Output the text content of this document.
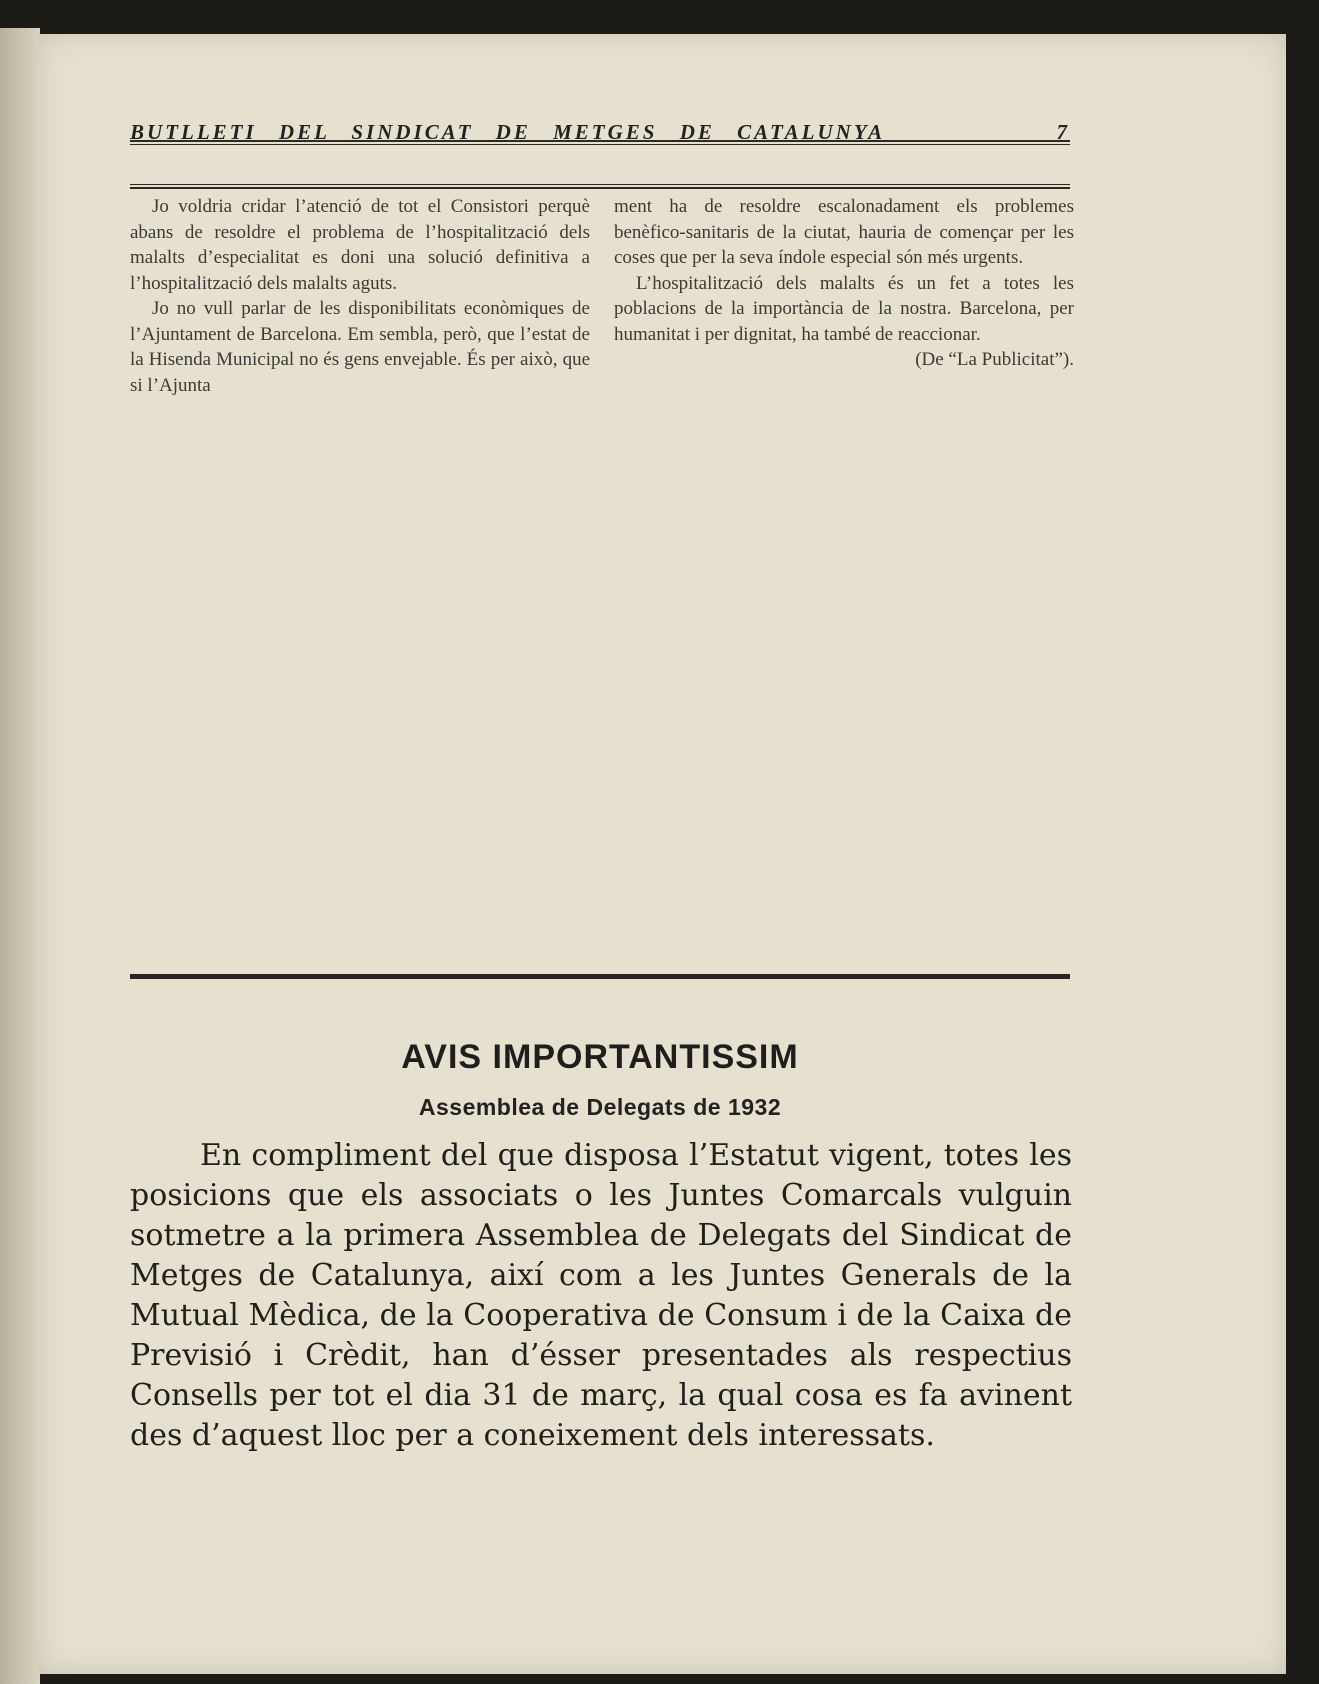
BUTLLETI DEL SINDICAT DE METGES DE CATALUNYA	7

Jo voldria cridar l’atenció de tot el Consistori perquè abans de resoldre el problema de l’hospitalització dels malalts d’especialitat es doni una solució definitiva a l’hospitalització dels malalts aguts.

Jo no vull parlar de les disponibilitats econòmiques de l’Ajuntament de Barcelona. Em sembla, però, que l’estat de la Hisenda Municipal no és gens envejable. És per això, que si l’Ajunta

ment ha de resoldre escalonadament els problemes benèfico-sanitaris de la ciutat, hauria de començar per les coses que per la seva índole especial són més urgents.

L’hospitalització dels malalts és un fet a totes les poblacions de la importància de la nostra. Barcelona, per humanitat i per dignitat, ha també de reaccionar.

(De “La Publicitat”).

AVIS IMPORTANTISSIM
Assemblea de Delegats de 1932

En compliment del que disposa l’Estatut vigent, totes les posicions que els associats o les Juntes Comarcals vulguin sotmetre a la primera Assemblea de Delegats del Sindicat de Metges de Catalunya, així com a les Juntes Generals de la Mutual Mèdica, de la Cooperativa de Consum i de la Caixa de Previsió i Crèdit, han d’ésser presentades als respectius Consells per tot el dia 31 de març, la qual cosa es fa avinent des d’aquest lloc per a coneixement dels interessats.
